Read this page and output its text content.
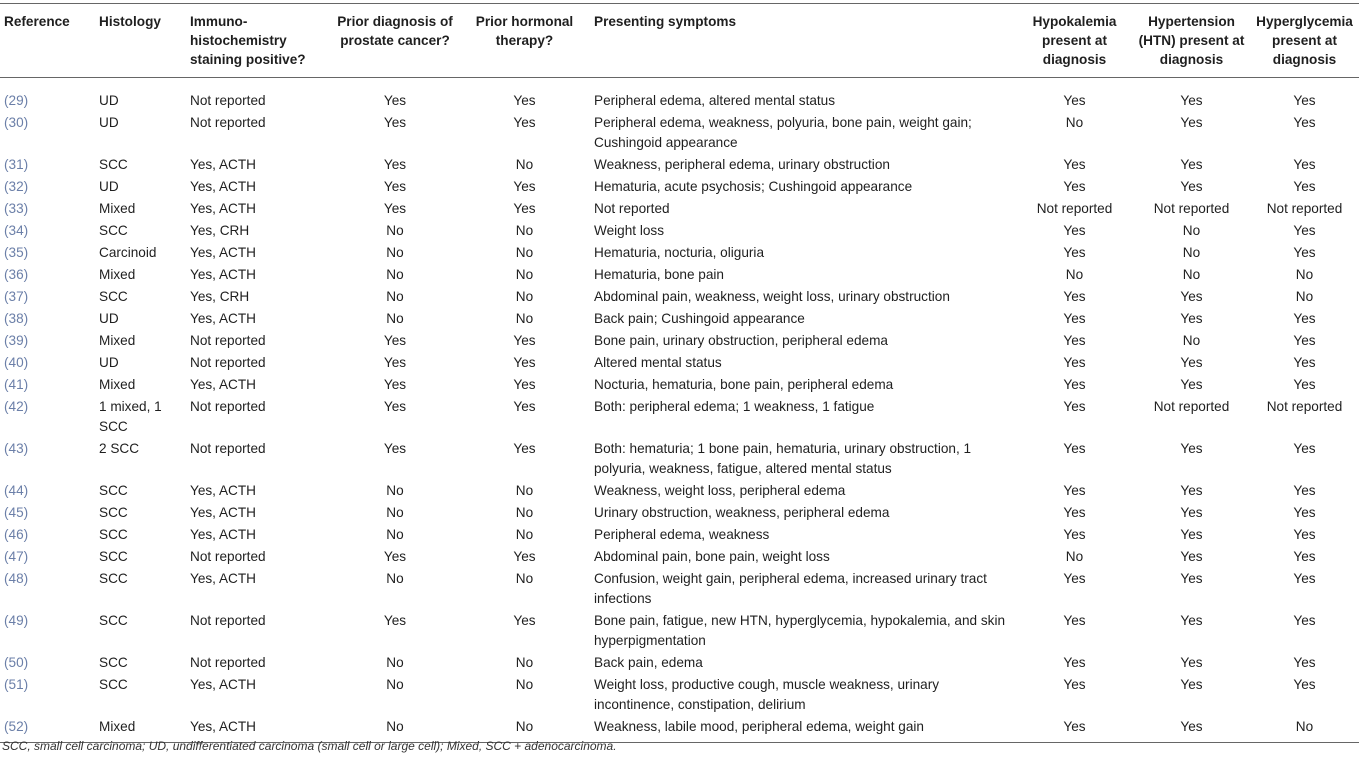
Reference	Histology	Immuno-histochemistry staining positive?	Prior diagnosis of prostate cancer?	Prior hormonal therapy?	Presenting symptoms	Hypokalemia present at diagnosis	Hypertension (HTN) present at diagnosis	Hyperglycemia present at diagnosis
(29)	UD	Not reported	Yes	Yes	Peripheral edema, altered mental status	Yes	Yes	Yes
(30)	UD	Not reported	Yes	Yes	Peripheral edema, weakness, polyuria, bone pain, weight gain; Cushingoid appearance	No	Yes	Yes
(31)	SCC	Yes, ACTH	Yes	No	Weakness, peripheral edema, urinary obstruction	Yes	Yes	Yes
(32)	UD	Yes, ACTH	Yes	Yes	Hematuria, acute psychosis; Cushingoid appearance	Yes	Yes	Yes
(33)	Mixed	Yes, ACTH	Yes	Yes	Not reported	Not reported	Not reported	Not reported
(34)	SCC	Yes, CRH	No	No	Weight loss	Yes	No	Yes
(35)	Carcinoid	Yes, ACTH	No	No	Hematuria, nocturia, oliguria	Yes	No	Yes
(36)	Mixed	Yes, ACTH	No	No	Hematuria, bone pain	No	No	No
(37)	SCC	Yes, CRH	No	No	Abdominal pain, weakness, weight loss, urinary obstruction	Yes	Yes	No
(38)	UD	Yes, ACTH	No	No	Back pain; Cushingoid appearance	Yes	Yes	Yes
(39)	Mixed	Not reported	Yes	Yes	Bone pain, urinary obstruction, peripheral edema	Yes	No	Yes
(40)	UD	Not reported	Yes	Yes	Altered mental status	Yes	Yes	Yes
(41)	Mixed	Yes, ACTH	Yes	Yes	Nocturia, hematuria, bone pain, peripheral edema	Yes	Yes	Yes
(42)	1 mixed, 1 SCC	Not reported	Yes	Yes	Both: peripheral edema; 1 weakness, 1 fatigue	Yes	Not reported	Not reported
(43)	2 SCC	Not reported	Yes	Yes	Both: hematuria; 1 bone pain, hematuria, urinary obstruction, 1 polyuria, weakness, fatigue, altered mental status	Yes	Yes	Yes
(44)	SCC	Yes, ACTH	No	No	Weakness, weight loss, peripheral edema	Yes	Yes	Yes
(45)	SCC	Yes, ACTH	No	No	Urinary obstruction, weakness, peripheral edema	Yes	Yes	Yes
(46)	SCC	Yes, ACTH	No	No	Peripheral edema, weakness	Yes	Yes	Yes
(47)	SCC	Not reported	Yes	Yes	Abdominal pain, bone pain, weight loss	No	Yes	Yes
(48)	SCC	Yes, ACTH	No	No	Confusion, weight gain, peripheral edema, increased urinary tract infections	Yes	Yes	Yes
(49)	SCC	Not reported	Yes	Yes	Bone pain, fatigue, new HTN, hyperglycemia, hypokalemia, and skin hyperpigmentation	Yes	Yes	Yes
(50)	SCC	Not reported	No	No	Back pain, edema	Yes	Yes	Yes
(51)	SCC	Yes, ACTH	No	No	Weight loss, productive cough, muscle weakness, urinary incontinence, constipation, delirium	Yes	Yes	Yes
(52)	Mixed	Yes, ACTH	No	No	Weakness, labile mood, peripheral edema, weight gain	Yes	Yes	No
SCC, small cell carcinoma; UD, undifferentiated carcinoma (small cell or large cell); Mixed, SCC + adenocarcinoma.
